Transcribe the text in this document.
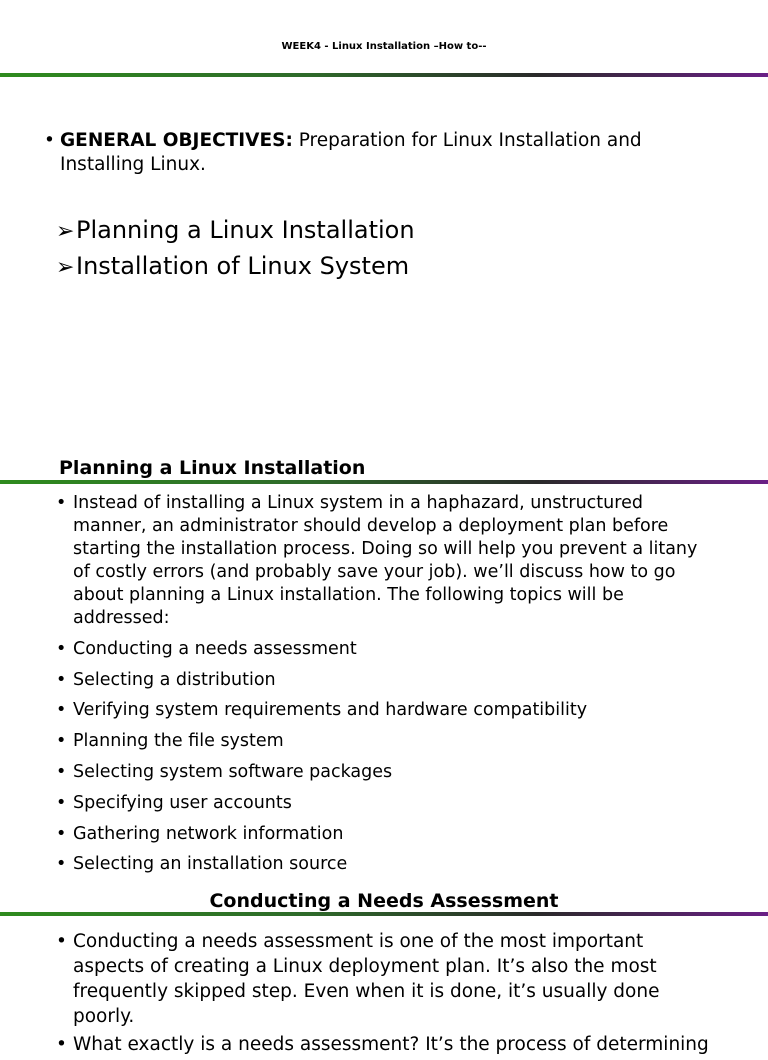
WEEK4 - Linux Installation –How to--
• GENERAL OBJECTIVES: Preparation for Linux Installation and Installing Linux.
➢ Planning a Linux Installation
➢ Installation of Linux System
Planning a Linux Installation
• Instead of installing a Linux system in a haphazard, unstructured manner, an administrator should develop a deployment plan before starting the installation process. Doing so will help you prevent a litany of costly errors (and probably save your job). we’ll discuss how to go about planning a Linux installation. The following topics will be addressed:
• Conducting a needs assessment
• Selecting a distribution
• Verifying system requirements and hardware compatibility
• Planning the file system
• Selecting system software packages
• Specifying user accounts
• Gathering network information
• Selecting an installation source
Conducting a Needs Assessment
• Conducting a needs assessment is one of the most important aspects of creating a Linux deployment plan. It’s also the most frequently skipped step. Even when it is done, it’s usually done poorly.
• What exactly is a needs assessment? It’s the process of determining
